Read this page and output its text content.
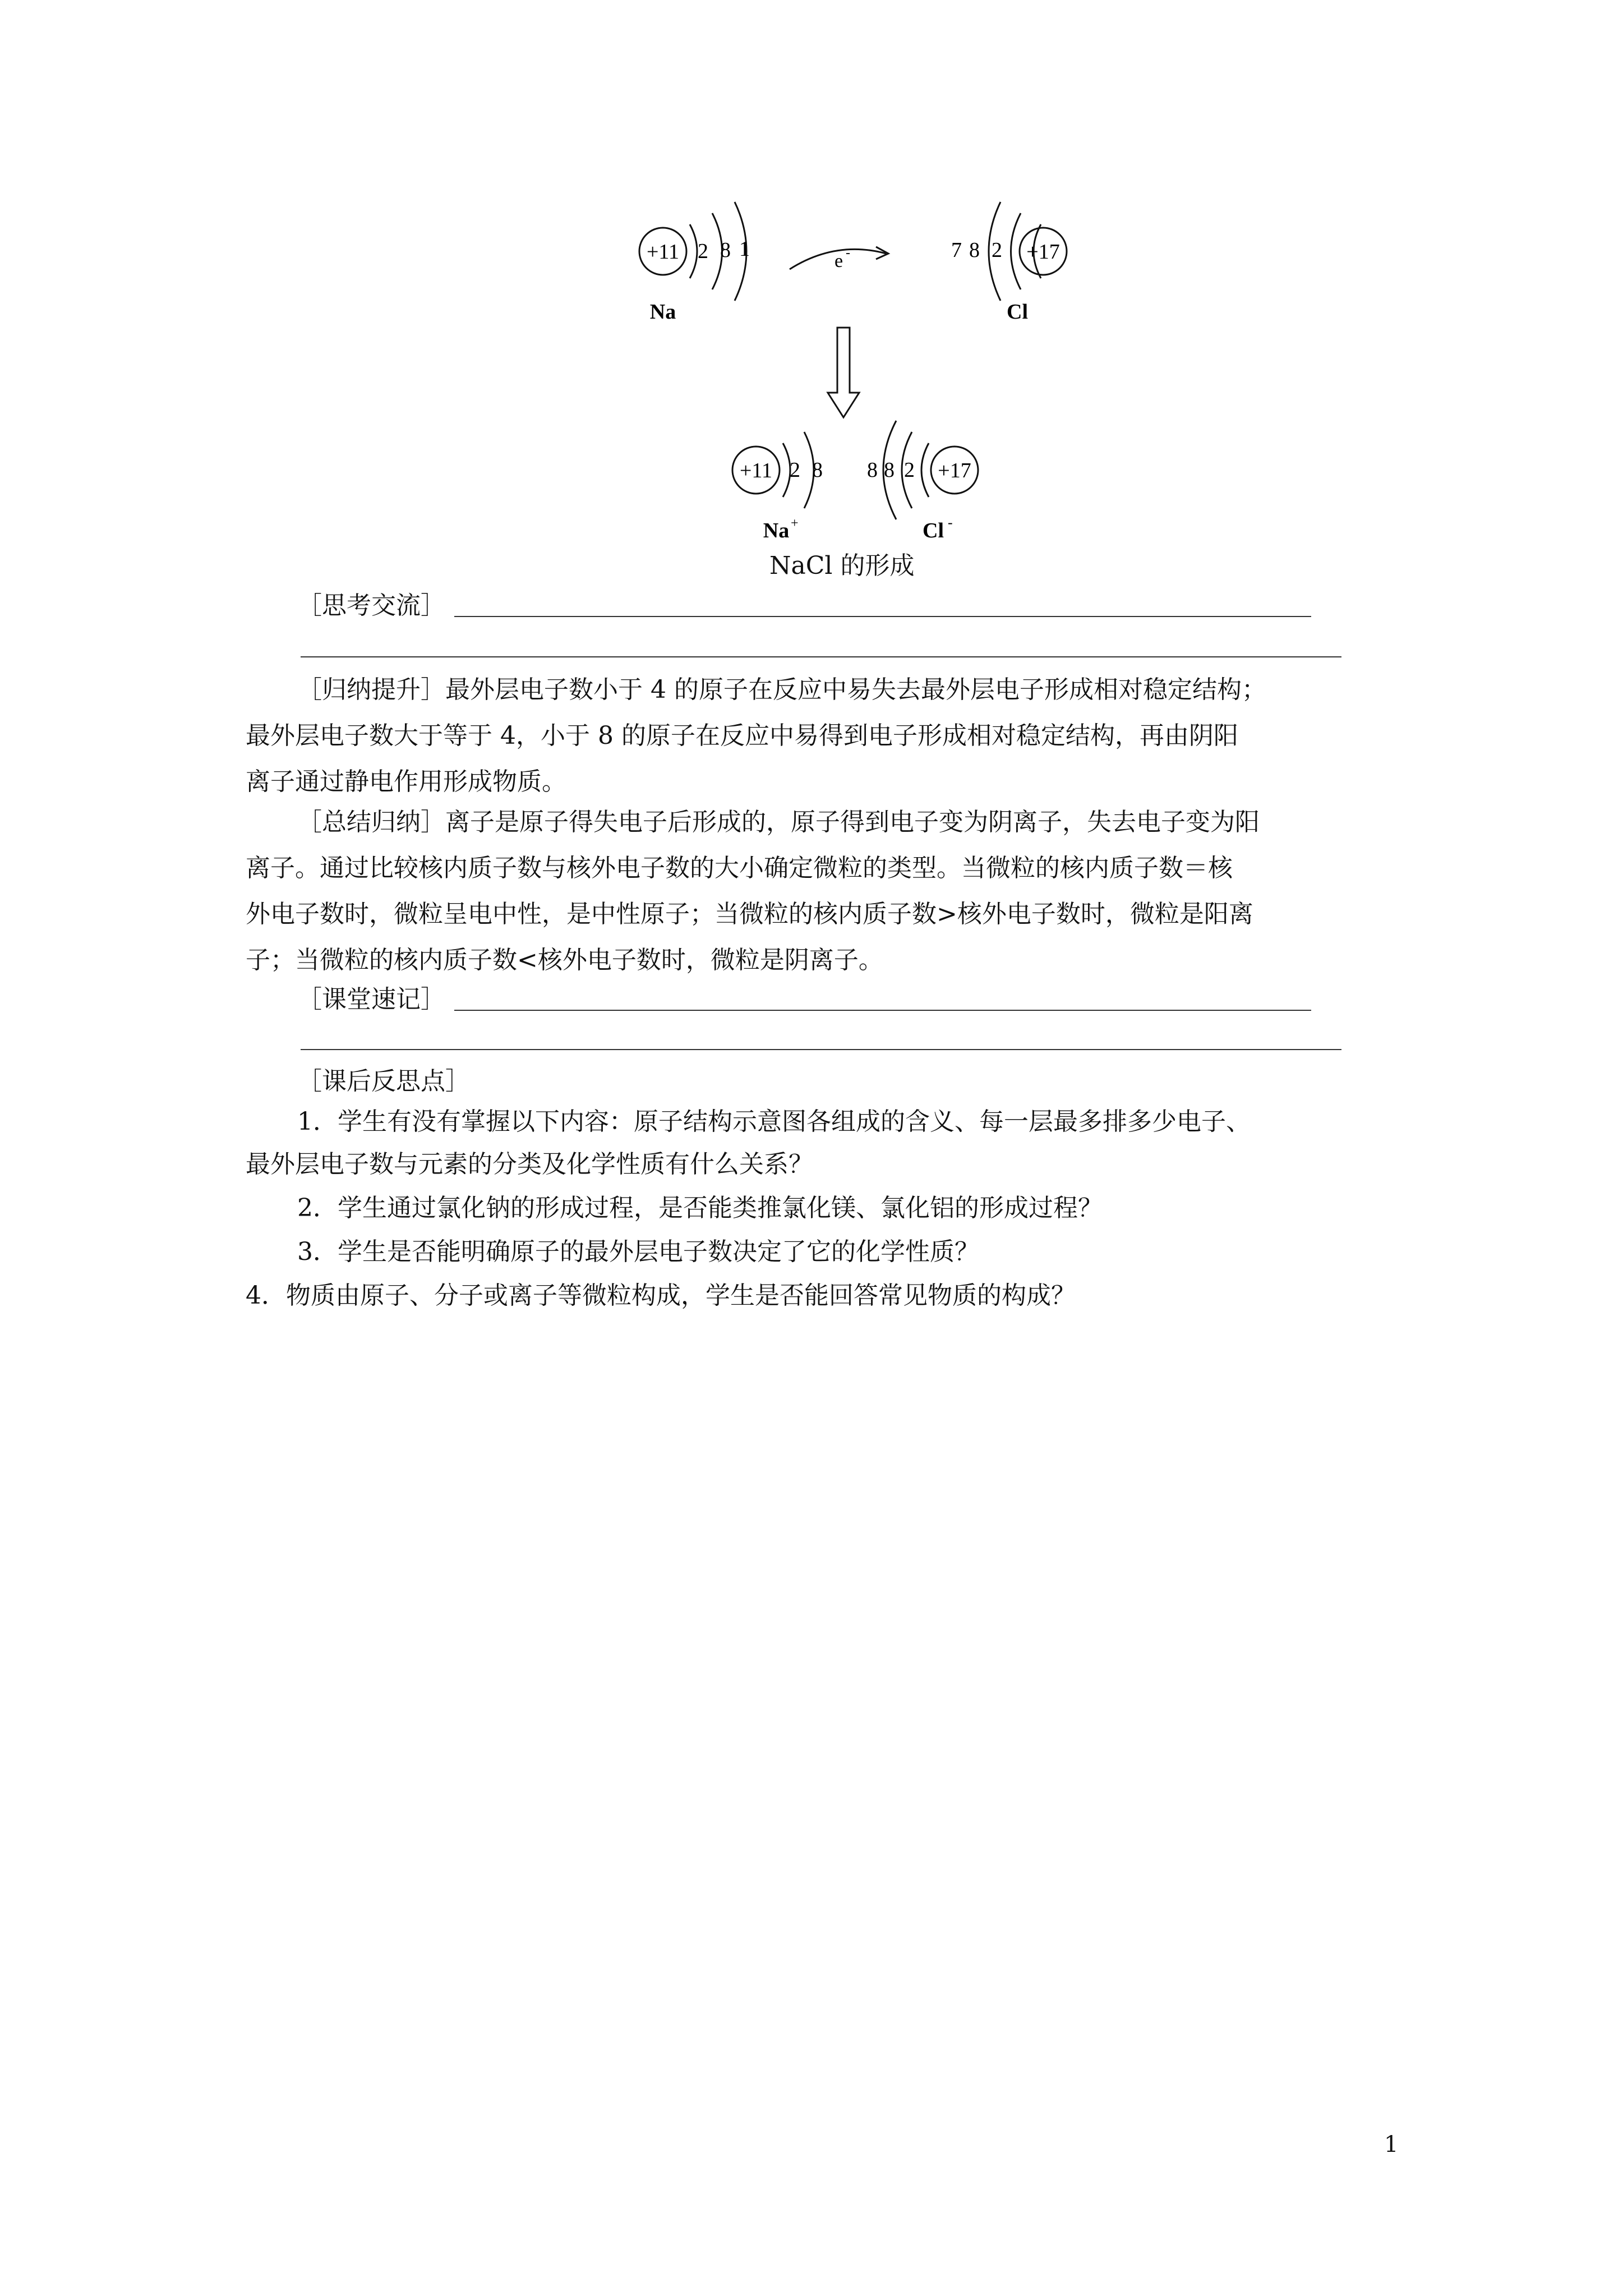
+11 2 8 1
Na
e -	7 8 2 +17
Cl
+11 2 8
Na +
8 8 2 +17
Cl -
NaCl 的形成
［思考交流］
［归纳提升］最外层电子数小于 4 的原子在反应中易失去最外层电子形成相对稳定结构；
最外层电子数大于等于 4，小于 8 的原子在反应中易得到电子形成相对稳定结构，再由阴阳
离子通过静电作用形成物质。
［总结归纳］离子是原子得失电子后形成的，原子得到电子变为阴离子，失去电子变为阳
离子。通过比较核内质子数与核外电子数的大小确定微粒的类型。当微粒的核内质子数＝核
外电子数时，微粒呈电中性，是中性原子；当微粒的核内质子数>核外电子数时，微粒是阳离
子；当微粒的核内质子数<核外电子数时，微粒是阴离子。
［课堂速记］
［课后反思点］
1．学生有没有掌握以下内容：原子结构示意图各组成的含义、每一层最多排多少电子、
最外层电子数与元素的分类及化学性质有什么关系？
2．学生通过氯化钠的形成过程，是否能类推氯化镁、氯化铝的形成过程？
3．学生是否能明确原子的最外层电子数决定了它的化学性质？
4．物质由原子、分子或离子等微粒构成，学生是否能回答常见物质的构成？
1
